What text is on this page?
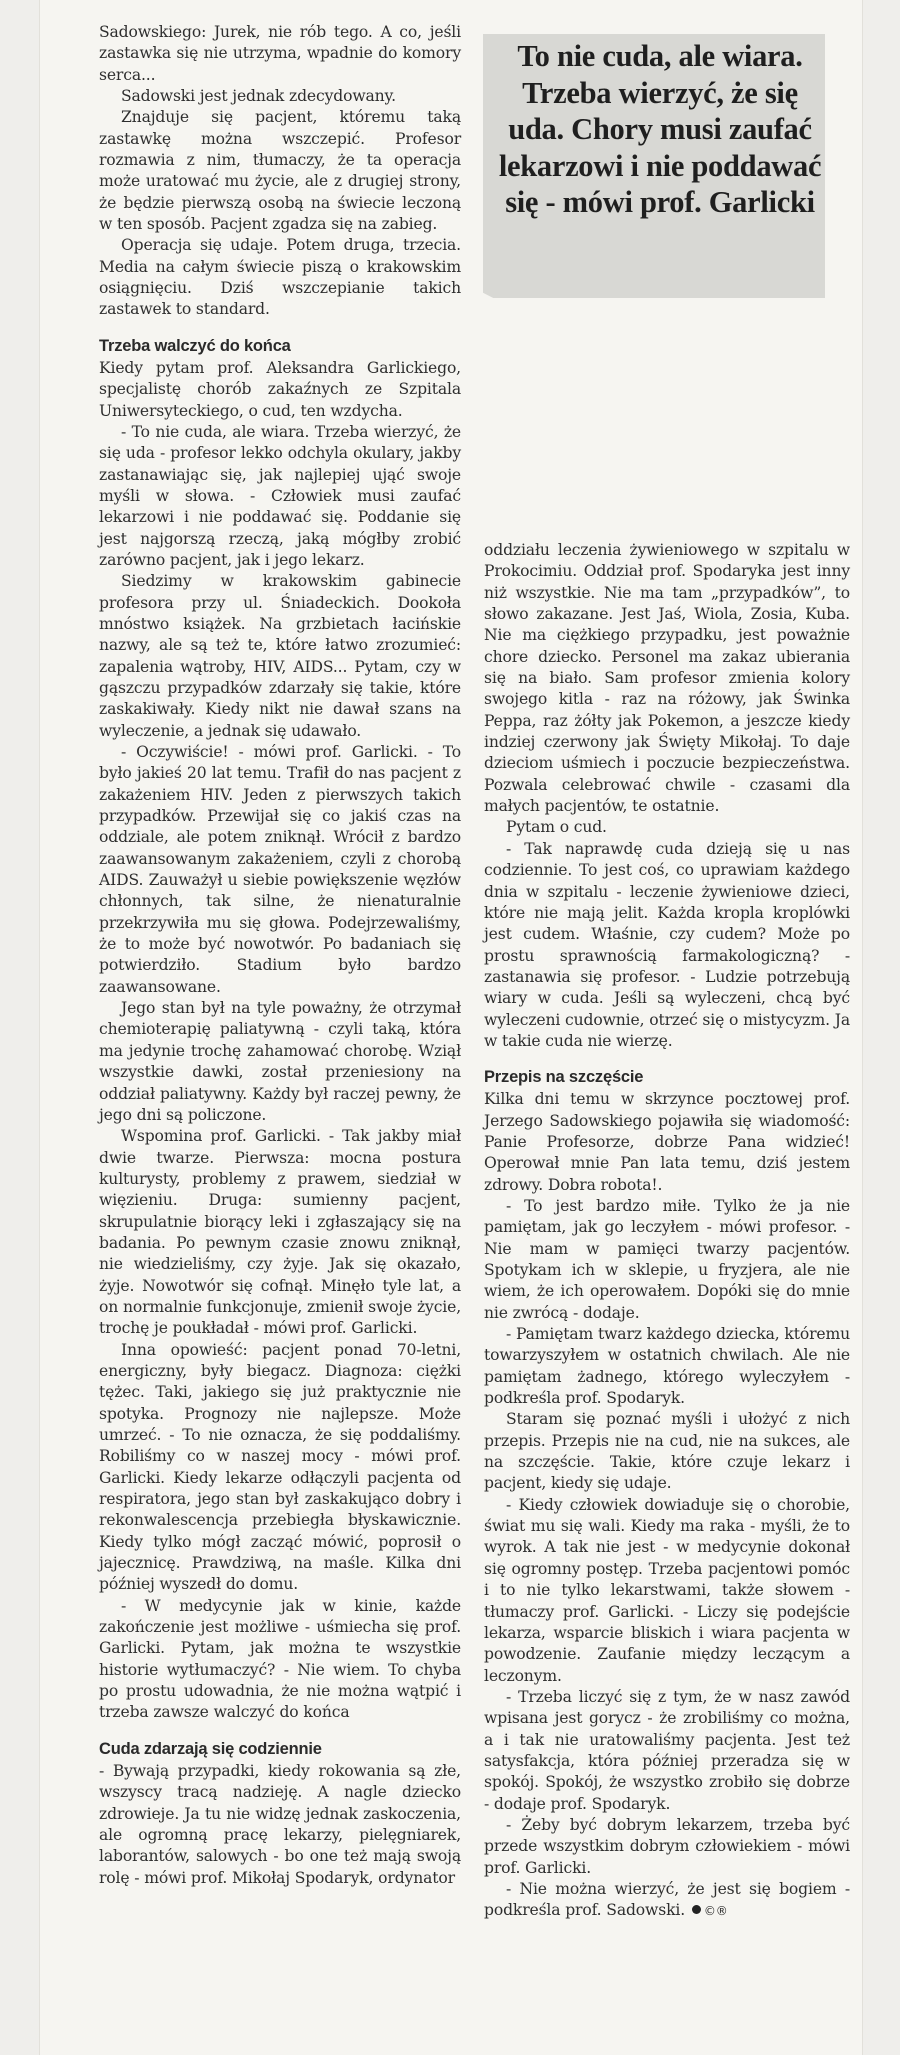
To nie cuda, ale wiara. Trzeba wierzyć, że się uda. Chory musi zaufać lekarzowi i nie poddawać się - mówi prof. Garlicki

Sadowskiego: Jurek, nie rób tego. A co, jeśli zastawka się nie utrzyma, wpadnie do komory serca...

Sadowski jest jednak zdecydowany.

Znajduje się pacjent, któremu taką zastawkę można wszczepić. Profesor rozmawia z nim, tłumaczy, że ta operacja może uratować mu życie, ale z drugiej strony, że będzie pierwszą osobą na świecie leczoną w ten sposób. Pacjent zgadza się na zabieg.

Operacja się udaje. Potem druga, trzecia. Media na całym świecie piszą o krakowskim osiągnięciu. Dziś wszczepianie takich zastawek to standard.

Trzeba walczyć do końca

Kiedy pytam prof. Aleksandra Garlickiego, specjalistę chorób zakaźnych ze Szpitala Uniwersyteckiego, o cud, ten wzdycha.

- To nie cuda, ale wiara. Trzeba wierzyć, że się uda - profesor lekko odchyla okulary, jakby zastanawiając się, jak najlepiej ująć swoje myśli w słowa. - Człowiek musi zaufać lekarzowi i nie poddawać się. Poddanie się jest najgorszą rzeczą, jaką mógłby zrobić zarówno pacjent, jak i jego lekarz.

Siedzimy w krakowskim gabinecie profesora przy ul. Śniadeckich. Dookoła mnóstwo książek. Na grzbietach łacińskie nazwy, ale są też te, które łatwo zrozumieć: zapalenia wątroby, HIV, AIDS... Pytam, czy w gąszczu przypadków zdarzały się takie, które zaskakiwały. Kiedy nikt nie dawał szans na wyleczenie, a jednak się udawało.

- Oczywiście! - mówi prof. Garlicki. - To było jakieś 20 lat temu. Trafił do nas pacjent z zakażeniem HIV. Jeden z pierwszych takich przypadków. Przewijał się co jakiś czas na oddziale, ale potem zniknął. Wrócił z bardzo zaawansowanym zakażeniem, czyli z chorobą AIDS. Zauważył u siebie powiększenie węzłów chłonnych, tak silne, że nienaturalnie przekrzywiła mu się głowa. Podejrzewaliśmy, że to może być nowotwór. Po badaniach się potwierdziło. Stadium było bardzo zaawansowane.

Jego stan był na tyle poważny, że otrzymał chemioterapię paliatywną - czyli taką, która ma jedynie trochę zahamować chorobę. Wziął wszystkie dawki, został przeniesiony na oddział paliatywny. Każdy był raczej pewny, że jego dni są policzone.

Wspomina prof. Garlicki. - Tak jakby miał dwie twarze. Pierwsza: mocna postura kulturysty, problemy z prawem, siedział w więzieniu. Druga: sumienny pacjent, skrupulatnie biorący leki i zgłaszający się na badania. Po pewnym czasie znowu zniknął, nie wiedzieliśmy, czy żyje. Jak się okazało, żyje. Nowotwór się cofnął. Minęło tyle lat, a on normalnie funkcjonuje, zmienił swoje życie, trochę je poukładał - mówi prof. Garlicki.

Inna opowieść: pacjent ponad 70-letni, energiczny, były biegacz. Diagnoza: ciężki tężec. Taki, jakiego się już praktycznie nie spotyka. Prognozy nie najlepsze. Może umrzeć. - To nie oznacza, że się poddaliśmy. Robiliśmy co w naszej mocy - mówi prof. Garlicki. Kiedy lekarze odłączyli pacjenta od respiratora, jego stan był zaskakująco dobry i rekonwalescencja przebiegła błyskawicznie. Kiedy tylko mógł zacząć mówić, poprosił o jajecznicę. Prawdziwą, na maśle. Kilka dni później wyszedł do domu.

- W medycynie jak w kinie, każde zakończenie jest możliwe - uśmiecha się prof. Garlicki. Pytam, jak można te wszystkie historie wytłumaczyć? - Nie wiem. To chyba po prostu udowadnia, że nie można wątpić i trzeba zawsze walczyć do końca

Cuda zdarzają się codziennie

- Bywają przypadki, kiedy rokowania są złe, wszyscy tracą nadzieję. A nagle dziecko zdrowieje. Ja tu nie widzę jednak zaskoczenia, ale ogromną pracę lekarzy, pielęgniarek, laborantów, salowych - bo one też mają swoją rolę - mówi prof. Mikołaj Spodaryk, ordynator

oddziału leczenia żywieniowego w szpitalu w Prokocimiu. Oddział prof. Spodaryka jest inny niż wszystkie. Nie ma tam „przypadków”, to słowo zakazane. Jest Jaś, Wiola, Zosia, Kuba. Nie ma ciężkiego przypadku, jest poważnie chore dziecko. Personel ma zakaz ubierania się na biało. Sam profesor zmienia kolory swojego kitla - raz na różowy, jak Świnka Peppa, raz żółty jak Pokemon, a jeszcze kiedy indziej czerwony jak Święty Mikołaj. To daje dzieciom uśmiech i poczucie bezpieczeństwa. Pozwala celebrować chwile - czasami dla małych pacjentów, te ostatnie.

Pytam o cud.

- Tak naprawdę cuda dzieją się u nas codziennie. To jest coś, co uprawiam każdego dnia w szpitalu - leczenie żywieniowe dzieci, które nie mają jelit. Każda kropla kroplówki jest cudem. Właśnie, czy cudem? Może po prostu sprawnością farmakologiczną? - zastanawia się profesor. - Ludzie potrzebują wiary w cuda. Jeśli są wyleczeni, chcą być wyleczeni cudownie, otrzeć się o mistycyzm. Ja w takie cuda nie wierzę.

Przepis na szczęście

Kilka dni temu w skrzynce pocztowej prof. Jerzego Sadowskiego pojawiła się wiadomość: Panie Profesorze, dobrze Pana widzieć! Operował mnie Pan lata temu, dziś jestem zdrowy. Dobra robota!.

- To jest bardzo miłe. Tylko że ja nie pamiętam, jak go leczyłem - mówi profesor. - Nie mam w pamięci twarzy pacjentów. Spotykam ich w sklepie, u fryzjera, ale nie wiem, że ich operowałem. Dopóki się do mnie nie zwrócą - dodaje.

- Pamiętam twarz każdego dziecka, któremu towarzyszyłem w ostatnich chwilach. Ale nie pamiętam żadnego, którego wyleczyłem - podkreśla prof. Spodaryk.

Staram się poznać myśli i ułożyć z nich przepis. Przepis nie na cud, nie na sukces, ale na szczęście. Takie, które czuje lekarz i pacjent, kiedy się udaje.

- Kiedy człowiek dowiaduje się o chorobie, świat mu się wali. Kiedy ma raka - myśli, że to wyrok. A tak nie jest - w medycynie dokonał się ogromny postęp. Trzeba pacjentowi pomóc i to nie tylko lekarstwami, także słowem - tłumaczy prof. Garlicki. - Liczy się podejście lekarza, wsparcie bliskich i wiara pacjenta w powodzenie. Zaufanie między leczącym a leczonym.

- Trzeba liczyć się z tym, że w nasz zawód wpisana jest gorycz - że zrobiliśmy co można, a i tak nie uratowaliśmy pacjenta. Jest też satysfakcja, która później przeradza się w spokój. Spokój, że wszystko zrobiło się dobrze - dodaje prof. Spodaryk.

- Żeby być dobrym lekarzem, trzeba być przede wszystkim dobrym człowiekiem - mówi prof. Garlicki.

- Nie można wierzyć, że jest się bogiem - podkreśla prof. Sadowski. ©®
